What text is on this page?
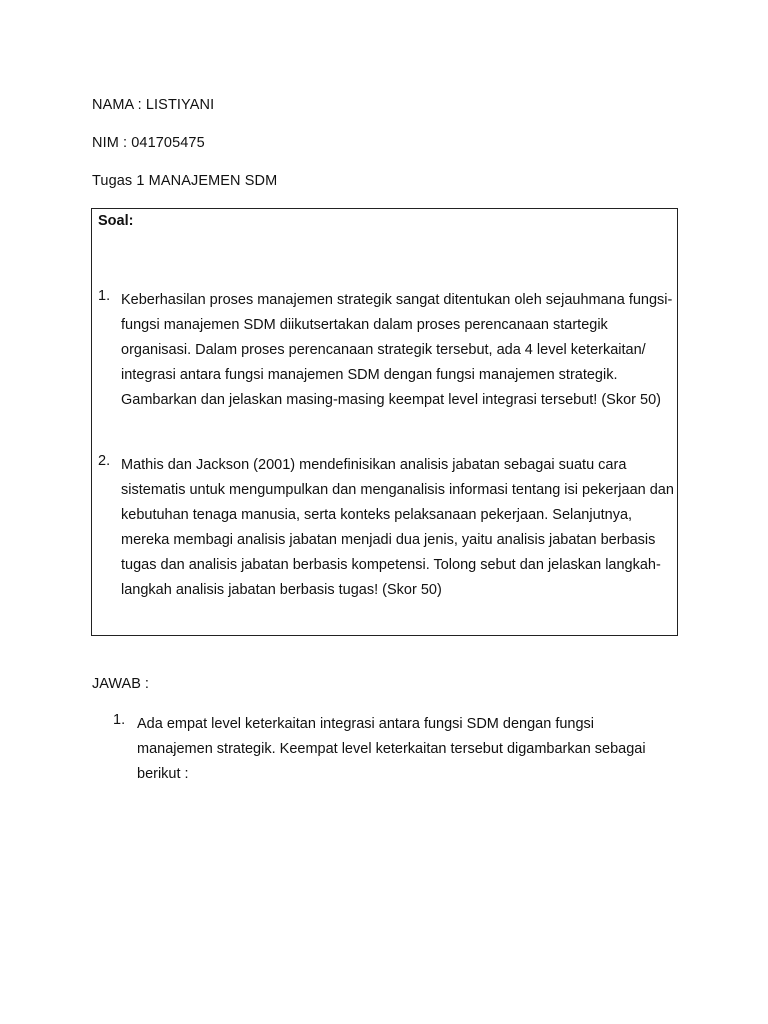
NAMA : LISTIYANI
NIM : 041705475
Tugas 1 MANAJEMEN SDM
Soal:
1. Keberhasilan proses manajemen strategik sangat ditentukan oleh sejauhmana fungsi-fungsi manajemen SDM diikutsertakan dalam proses perencanaan startegik organisasi. Dalam proses perencanaan strategik tersebut, ada 4 level keterkaitan/ integrasi antara fungsi manajemen SDM dengan fungsi manajemen strategik. Gambarkan dan jelaskan masing-masing keempat level integrasi tersebut! (Skor 50)
2. Mathis dan Jackson (2001) mendefinisikan analisis jabatan sebagai suatu cara sistematis untuk mengumpulkan dan menganalisis informasi tentang isi pekerjaan dan kebutuhan tenaga manusia, serta konteks pelaksanaan pekerjaan. Selanjutnya, mereka membagi analisis jabatan menjadi dua jenis, yaitu analisis jabatan berbasis tugas dan analisis jabatan berbasis kompetensi. Tolong sebut dan jelaskan langkah-langkah analisis jabatan berbasis tugas! (Skor 50)
JAWAB :
1. Ada empat level keterkaitan integrasi antara fungsi SDM dengan fungsi manajemen strategik. Keempat level keterkaitan tersebut digambarkan sebagai berikut :
